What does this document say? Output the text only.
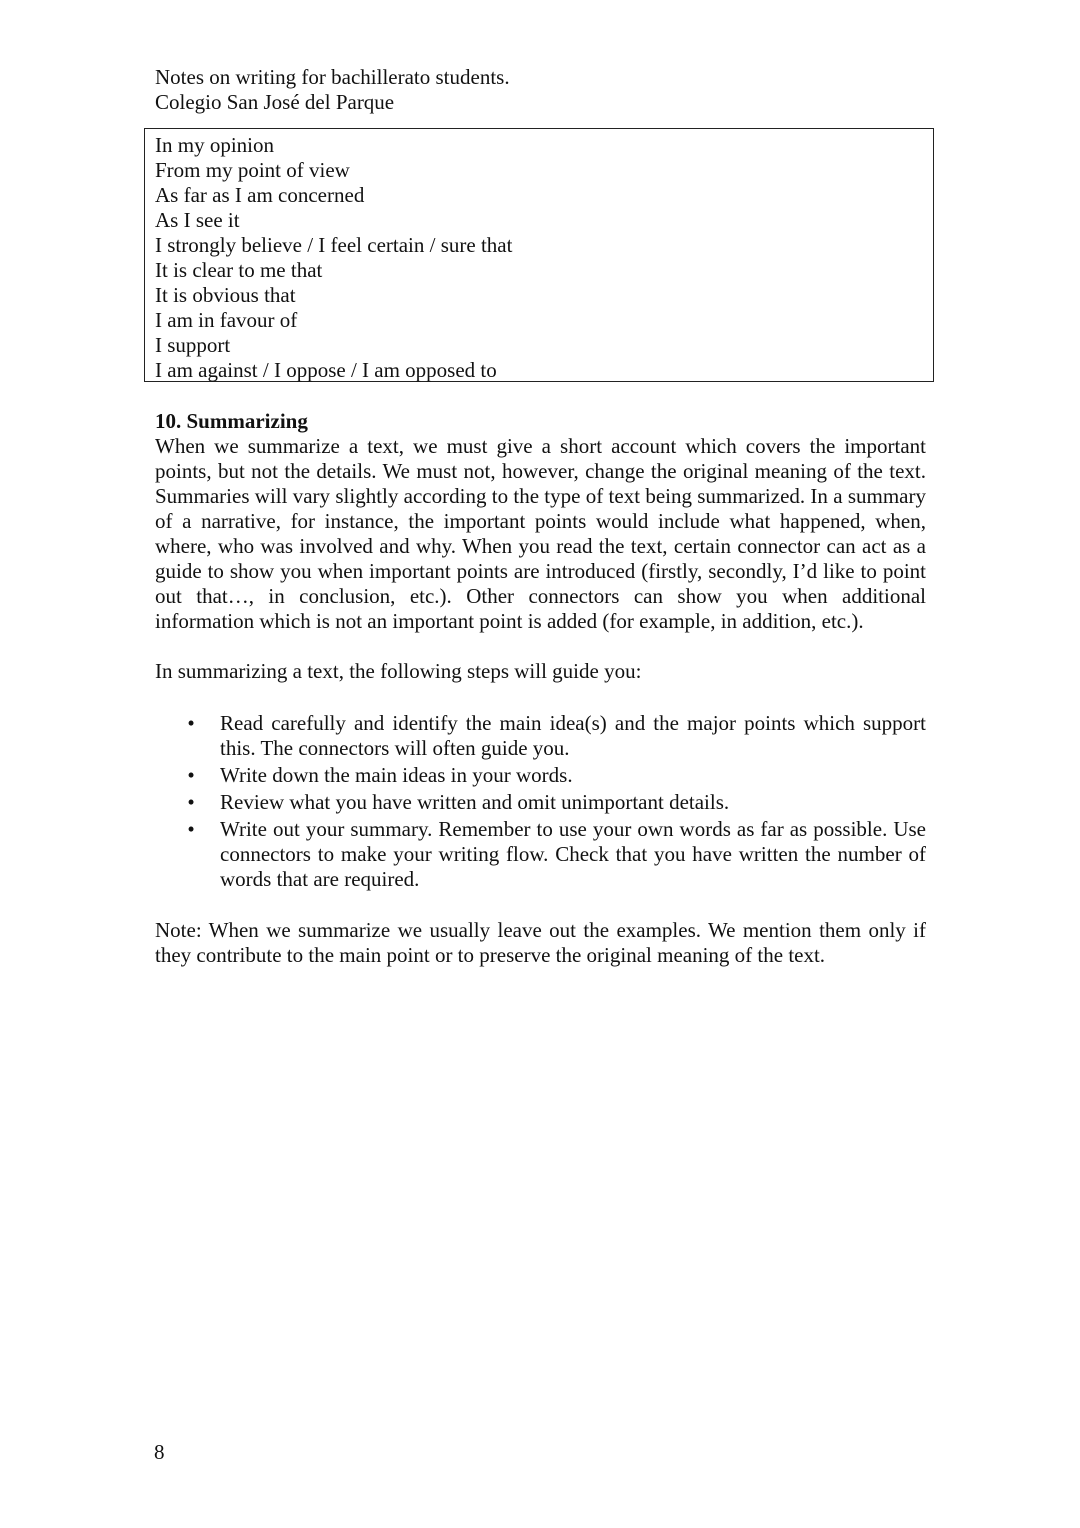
Notes on writing for bachillerato students.
Colegio San José del Parque
In my opinion
From my point of view
As far as I am concerned
As I see it
I strongly believe / I feel certain / sure that
It is clear to me that
It is obvious that
I am in favour of
I support
I am against / I oppose / I am opposed to

10. Summarizing

When we summarize a text, we must give a short account which covers the important points, but not the details. We must not, however, change the original meaning of the text. Summaries will vary slightly according to the type of text being summarized. In a summary of a narrative, for instance, the important points would include what happened, when, where, who was involved and why. When you read the text, certain connector can act as a guide to show you when important points are introduced (firstly, secondly, I’d like to point out that…, in conclusion, etc.). Other connectors can show you when additional information which is not an important point is added (for example, in addition, etc.).

In summarizing a text, the following steps will guide you:

• Read carefully and identify the main idea(s) and the major points which support this. The connectors will often guide you.
• Write down the main ideas in your words.
• Review what you have written and omit unimportant details.
• Write out your summary. Remember to use your own words as far as possible. Use connectors to make your writing flow. Check that you have written the number of words that are required.

Note: When we summarize we usually leave out the examples. We mention them only if they contribute to the main point or to preserve the original meaning of the text.

8
